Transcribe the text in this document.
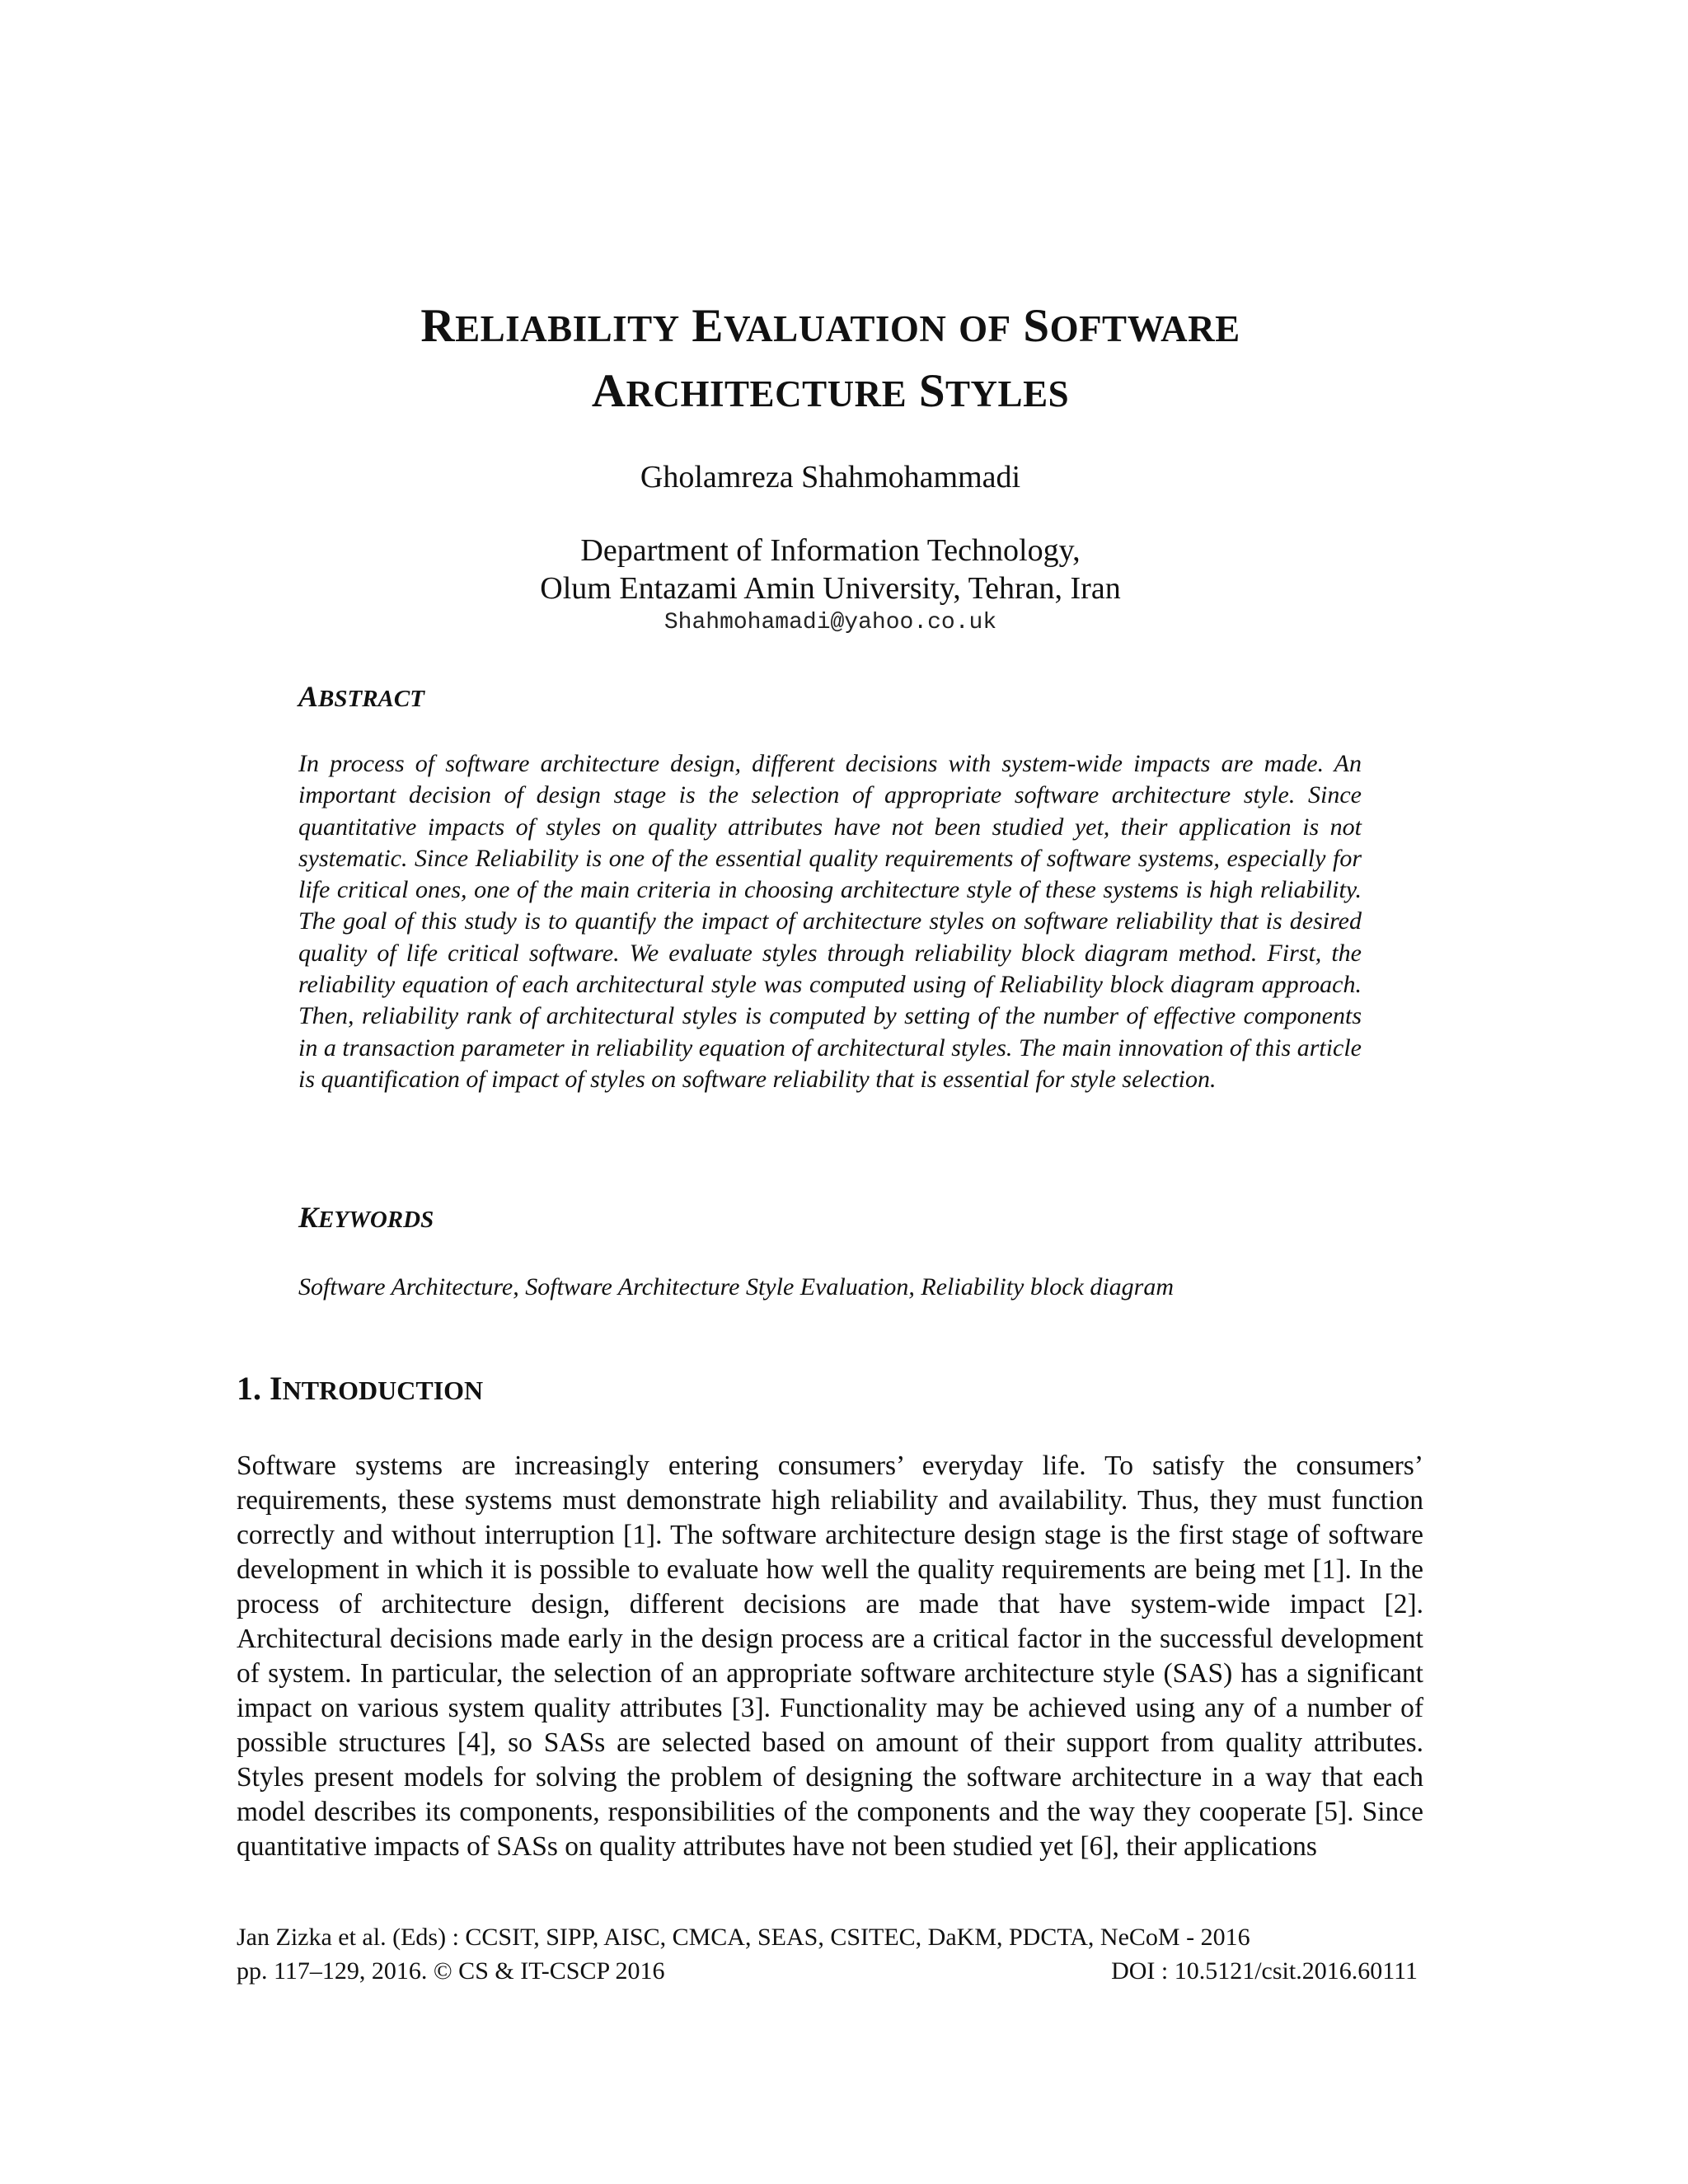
RELIABILITY EVALUATION OF SOFTWARE
ARCHITECTURE STYLES
Gholamreza Shahmohammadi
Department of Information Technology,
Olum Entazami Amin University, Tehran, Iran
Shahmohamadi@yahoo.co.uk
ABSTRACT
In process of software architecture design, different decisions with system-wide impacts are made. An important decision of design stage is the selection of appropriate software architecture style. Since quantitative impacts of styles on quality attributes have not been studied yet, their application is not systematic. Since Reliability is one of the essential quality requirements of software systems, especially for life critical ones, one of the main criteria in choosing architecture style of these systems is high reliability. The goal of this study is to quantify the impact of architecture styles on software reliability that is desired quality of life critical software. We evaluate styles through reliability block diagram method. First, the reliability equation of each architectural style was computed using of Reliability block diagram approach. Then, reliability rank of architectural styles is computed by setting of the number of effective components in a transaction parameter in reliability equation of architectural styles. The main innovation of this article is quantification of impact of styles on software reliability that is essential for style selection.
KEYWORDS
Software Architecture, Software Architecture Style Evaluation, Reliability block diagram
1. INTRODUCTION
Software systems are increasingly entering consumers’ everyday life. To satisfy the consumers’ requirements, these systems must demonstrate high reliability and availability. Thus, they must function correctly and without interruption [1]. The software architecture design stage is the first stage of software development in which it is possible to evaluate how well the quality requirements are being met [1]. In the process of architecture design, different decisions are made that have system-wide impact [2]. Architectural decisions made early in the design process are a critical factor in the successful development of system. In particular, the selection of an appropriate software architecture style (SAS) has a significant impact on various system quality attributes [3]. Functionality may be achieved using any of a number of possible structures [4], so SASs are selected based on amount of their support from quality attributes. Styles present models for solving the problem of designing the software architecture in a way that each model describes its components, responsibilities of the components and the way they cooperate [5]. Since quantitative impacts of SASs on quality attributes have not been studied yet [6], their applications
Jan Zizka et al. (Eds) : CCSIT, SIPP, AISC, CMCA, SEAS, CSITEC, DaKM, PDCTA, NeCoM - 2016
pp. 117–129, 2016. © CS & IT-CSCP 2016	DOI : 10.5121/csit.2016.60111
